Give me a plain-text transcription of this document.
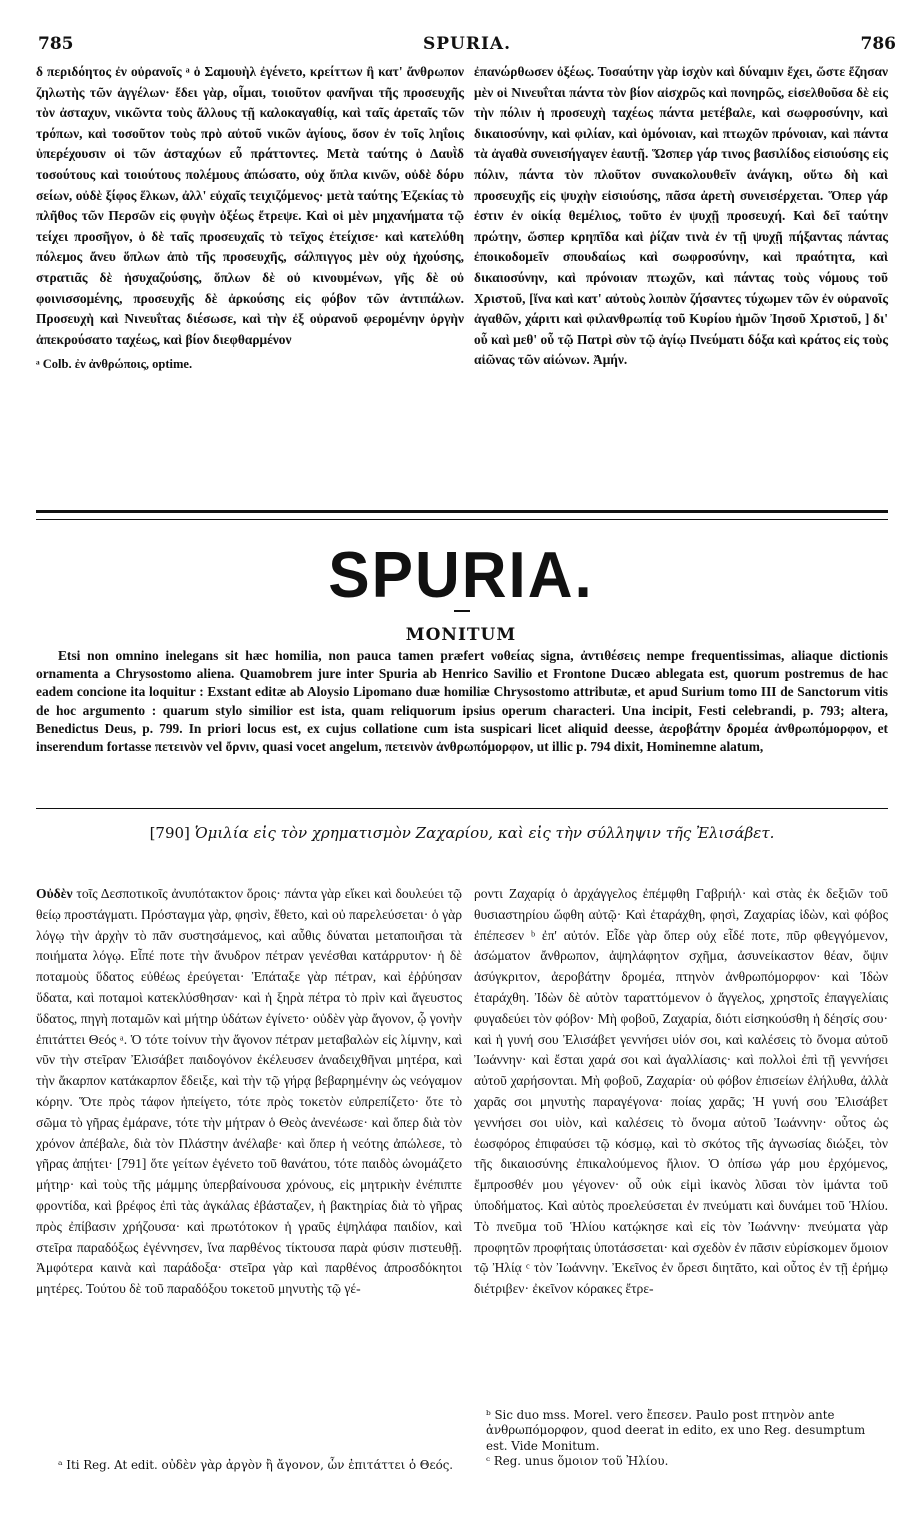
785	SPURIA.	786

δ περιδόητος ἐν οὐρανοῖς ᵃ ὁ Σαμουὴλ ἐγένετο, κρείττων ἢ κατ' ἄνθρωπον ζηλωτὴς τῶν ἀγγέλων· ἔδει γὰρ, οἶμαι, τοιοῦτον φανῆναι τῆς προσευχῆς τὸν ἀσταχυν, νικῶντα τοὺς ἄλλους τῇ καλοκαγαθίᾳ, καὶ ταῖς ἀρεταῖς τῶν τρόπων, καὶ τοσοῦτον τοὺς πρὸ αὐτοῦ νικῶν ἁγίους, ὅσον ἐν τοῖς ληΐοις ὑπερέχουσιν οἱ τῶν ἀσταχύων εὖ πράττοντες. Μετὰ ταύτης ὁ Δαυῒδ τοσούτους καὶ τοιούτους πολέμους ἀπώσατο, οὐχ ὅπλα κινῶν, οὐδὲ δόρυ σείων, οὐδὲ ξίφος ἕλκων, ἀλλ' εὐχαῖς τειχιζόμενος· μετὰ ταύτης Ἐζεκίας τὸ πλῆθος τῶν Περσῶν εἰς φυγὴν ὀξέως ἔτρεψε. Καὶ οἱ μὲν μηχανήματα τῷ τείχει προσῆγον, ὁ δὲ ταῖς προσευχαῖς τὸ τεῖχος ἐτείχισε· καὶ κατελύθη πόλεμος ἄνευ ὅπλων ἀπὸ τῆς προσευχῆς, σάλπιγγος μὲν οὐχ ἠχούσης, στρατιᾶς δὲ ἡσυχαζούσης, ὅπλων δὲ οὐ κινουμένων, γῆς δὲ οὐ φοινισσομένης, προσευχῆς δὲ ἀρκούσης εἰς φόβον τῶν ἀντιπάλων. Προσευχὴ καὶ Νινευΐτας διέσωσε, καὶ τὴν ἐξ οὐρανοῦ φερομένην ὀργὴν ἀπεκρούσατο ταχέως, καὶ βίον διεφθαρμένον

ᵃ Colb. ἐν ἀνθρώποις, optime.

ἐπανώρθωσεν ὀξέως. Τοσαύτην γὰρ ἰσχὺν καὶ δύναμιν ἔχει, ὥστε ἔζησαν μὲν οἱ Νινευΐται πάντα τὸν βίον αἰσχρῶς καὶ πονηρῶς, εἰσελθοῦσα δὲ εἰς τὴν πόλιν ἡ προσευχὴ ταχέως πάντα μετέβαλε, καὶ σωφροσύνην, καὶ δικαιοσύνην, καὶ φιλίαν, καὶ ὁμόνοιαν, καὶ πτωχῶν πρόνοιαν, καὶ πάντα τὰ ἀγαθὰ συνεισήγαγεν ἑαυτῇ. Ὥσπερ γάρ τινος βασιλίδος εἰσιούσης εἰς πόλιν, πάντα τὸν πλοῦτον συνακολουθεῖν ἀνάγκη, οὕτω δὴ καὶ προσευχῆς εἰς ψυχὴν εἰσιούσης, πᾶσα ἀρετὴ συνεισέρχεται. Ὅπερ γάρ ἐστιν ἐν οἰκίᾳ θεμέλιος, τοῦτο ἐν ψυχῇ προσευχή. Καὶ δεῖ ταύτην πρώτην, ὥσπερ κρηπῖδα καὶ ῥίζαν τινὰ ἐν τῇ ψυχῇ πήξαντας πάντας ἐποικοδομεῖν σπουδαίως καὶ σωφροσύνην, καὶ πραότητα, καὶ δικαιοσύνην, καὶ πρόνοιαν πτωχῶν, καὶ πάντας τοὺς νόμους τοῦ Χριστοῦ, [ἵνα καὶ κατ' αὐτοὺς λοιπὸν ζήσαντες τύχωμεν τῶν ἐν οὐρανοῖς ἀγαθῶν, χάριτι καὶ φιλανθρωπίᾳ τοῦ Κυρίου ἡμῶν Ἰησοῦ Χριστοῦ, ] δι' οὗ καὶ μεθ' οὗ τῷ Πατρὶ σὺν τῷ ἁγίῳ Πνεύματι δόξα καὶ κράτος εἰς τοὺς αἰῶνας τῶν αἰώνων. Ἀμήν.

SPURIA.
MONITUM

Etsi non omnino inelegans sit hæc homilia, non pauca tamen præfert νοθείας signa, ἀντιθέσεις nempe frequentissimas, aliaque dictionis ornamenta a Chrysostomo aliena. Quamobrem jure inter Spuria ab Henrico Savilio et Frontone Ducæo ablegata est, quorum postremus de hac eadem concione ita loquitur : Exstant editæ ab Aloysio Lipomano duæ homiliæ Chrysostomo attributæ, et apud Surium tomo III de Sanctorum vitis de hoc argumento : quarum stylo similior est ista, quam reliquorum ipsius operum characteri. Una incipit, Festi celebrandi, p. 793; altera, Benedictus Deus, p. 799. In priori locus est, ex cujus collatione cum ista suspicari licet aliquid deesse, ἀεροβάτην δρομέα ἀνθρωπόμορφον, et inserendum fortasse πετεινὸν vel ὄρνιν, quasi vocet angelum, πετεινὸν ἀνθρωπόμορφον, ut illic p. 794 dixit, Hominemne alatum,

[790] Ὁμιλία εἰς τὸν χρηματισμὸν Ζαχαρίου, καὶ εἰς τὴν σύλληψιν τῆς Ἐλισάβετ.

Οὐδὲν τοῖς Δεσποτικοῖς ἀνυπότακτον ὅροις· πάντα γὰρ εἴκει καὶ δουλεύει τῷ θείῳ προστάγματι. Πρόσταγμα γὰρ, φησὶν, ἔθετο, καὶ οὐ παρελεύσεται· ὁ γὰρ λόγῳ τὴν ἀρχὴν τὸ πᾶν συστησάμενος, καὶ αὖθις δύναται μεταποιῆσαι τὰ ποιήματα λόγῳ. Εἶπέ ποτε τὴν ἄνυδρον πέτραν γενέσθαι κατάρρυτον· ἡ δὲ ποταμοὺς ὕδατος εὐθέως ἐρεύγεται· Ἐπάταξε γὰρ πέτραν, καὶ ἐῤῥύησαν ὕδατα, καὶ ποταμοὶ κατεκλύσθησαν· καὶ ἡ ξηρὰ πέτρα τὸ πρὶν καὶ ἄγευστος ὕδατος, πηγὴ ποταμῶν καὶ μήτηρ ὑδάτων ἐγίνετο· οὐδὲν γὰρ ἄγονον, ᾧ γονὴν ἐπιτάττει Θεός ᵃ. Ὁ τότε τοίνυν τὴν ἄγονον πέτραν μεταβαλὼν εἰς λίμνην, καὶ νῦν τὴν στεῖραν Ἐλισάβετ παιδογόνον ἐκέλευσεν ἀναδειχθῆναι μητέρα, καὶ τὴν ἄκαρπον κατάκαρπον ἔδειξε, καὶ τὴν τῷ γήρᾳ βεβαρημένην ὡς νεόγαμον κόρην. Ὅτε πρὸς τάφον ἠπείγετο, τότε πρὸς τοκετὸν εὐπρεπίζετο· ὅτε τὸ σῶμα τὸ γῆρας ἐμάρανε, τότε τὴν μήτραν ὁ Θεὸς ἀνενέωσε· καὶ ὅπερ διὰ τὸν χρόνον ἀπέβαλε, διὰ τὸν Πλάστην ἀνέλαβε· καὶ ὅπερ ἡ νεότης ἀπώλεσε, τὸ γῆρας ἀπῄτει· [791] ὅτε γείτων ἐγένετο τοῦ θανάτου, τότε παιδὸς ὠνομάζετο μήτηρ· καὶ τοὺς τῆς μάμμης ὑπερβαίνουσα χρόνους, εἰς μητρικὴν ἐνέπιπτε φροντίδα, καὶ βρέφος ἐπὶ τὰς ἀγκάλας ἐβάσταζεν, ἡ βακτηρίας διὰ τὸ γῆρας πρὸς ἐπίβασιν χρήζουσα· καὶ πρωτότοκον ἡ γραῦς ἐψηλάφα παιδίον, καὶ στεῖρα παραδόξως ἐγέννησεν, ἵνα παρθένος τίκτουσα παρὰ φύσιν πιστευθῇ. Ἀμφότερα καινὰ καὶ παράδοξα· στεῖρα γὰρ καὶ παρθένος ἀπροσδόκητοι μητέρες. Τούτου δὲ τοῦ παραδόξου τοκετοῦ μηνυτὴς τῷ γέ-

ροντι Ζαχαρίᾳ ὁ ἀρχάγγελος ἐπέμφθη Γαβριήλ· καὶ στὰς ἐκ δεξιῶν τοῦ θυσιαστηρίου ὤφθη αὐτῷ· Καὶ ἐταράχθη, φησὶ, Ζαχαρίας ἰδὼν, καὶ φόβος ἐπέπεσεν ᵇ ἐπ' αὐτόν. Εἶδε γὰρ ὅπερ οὐχ εἶδέ ποτε, πῦρ φθεγγόμενον, ἀσώματον ἄνθρωπον, ἀψηλάφητον σχῆμα, ἀσυνείκαστον θέαν, ὄψιν ἀσύγκριτον, ἀεροβάτην δρομέα, πτηνὸν ἀνθρωπόμορφον· καὶ Ἰδὼν ἐταράχθη. Ἰδὼν δὲ αὐτὸν ταραττόμενον ὁ ἄγγελος, χρηστοῖς ἐπαγγελίαις φυγαδεύει τὸν φόβον· Μὴ φοβοῦ, Ζαχαρία, διότι εἰσηκούσθη ἡ δέησίς σου· καὶ ἡ γυνή σου Ἐλισάβετ γεννήσει υἱόν σοι, καὶ καλέσεις τὸ ὄνομα αὐτοῦ Ἰωάννην· καὶ ἔσται χαρά σοι καὶ ἀγαλλίασις· καὶ πολλοὶ ἐπὶ τῇ γεννήσει αὐτοῦ χαρήσονται. Μὴ φοβοῦ, Ζαχαρία· οὐ φόβον ἐπισείων ἐλήλυθα, ἀλλὰ χαρᾶς σοι μηνυτὴς παραγέγονα· ποίας χαρᾶς; Ἡ γυνή σου Ἐλισάβετ γεννήσει σοι υἱὸν, καὶ καλέσεις τὸ ὄνομα αὐτοῦ Ἰωάννην· οὗτος ὡς ἑωσφόρος ἐπιφαύσει τῷ κόσμῳ, καὶ τὸ σκότος τῆς ἀγνωσίας διώξει, τὸν τῆς δικαιοσύνης ἐπικαλούμενος ἥλιον. Ὁ ὀπίσω γάρ μου ἐρχόμενος, ἔμπροσθέν μου γέγονεν· οὗ οὐκ εἰμὶ ἱκανὸς λῦσαι τὸν ἱμάντα τοῦ ὑποδήματος. Καὶ αὐτὸς προελεύσεται ἐν πνεύματι καὶ δυνάμει τοῦ Ἡλίου. Τὸ πνεῦμα τοῦ Ἡλίου κατῴκησε καὶ εἰς τὸν Ἰωάννην· πνεύματα γὰρ προφητῶν προφήταις ὑποτάσσεται· καὶ σχεδὸν ἐν πᾶσιν εὑρίσκομεν ὅμοιον τῷ Ἠλίᾳ ᶜ τὸν Ἰωάννην. Ἐκεῖνος ἐν ὄρεσι διητᾶτο, καὶ οὗτος ἐν τῇ ἐρήμῳ διέτριβεν· ἐκεῖνον κόρακες ἔτρε-

ᵇ Sic duo mss. Morel. vero ἔπεσεν. Paulo post πτηνὸν ante ἀνθρωπόμορφον, quod deerat in edito, ex uno Reg. desumptum est. Vide Monitum.

ᶜ Reg. unus ὅμοιον τοῦ Ἠλίου.

ᵃ Iti Reg. At edit. οὐδὲν γὰρ ἀργὸν ἢ ἄγονον, ὧν ἐπιτάττει ὁ Θεός.
